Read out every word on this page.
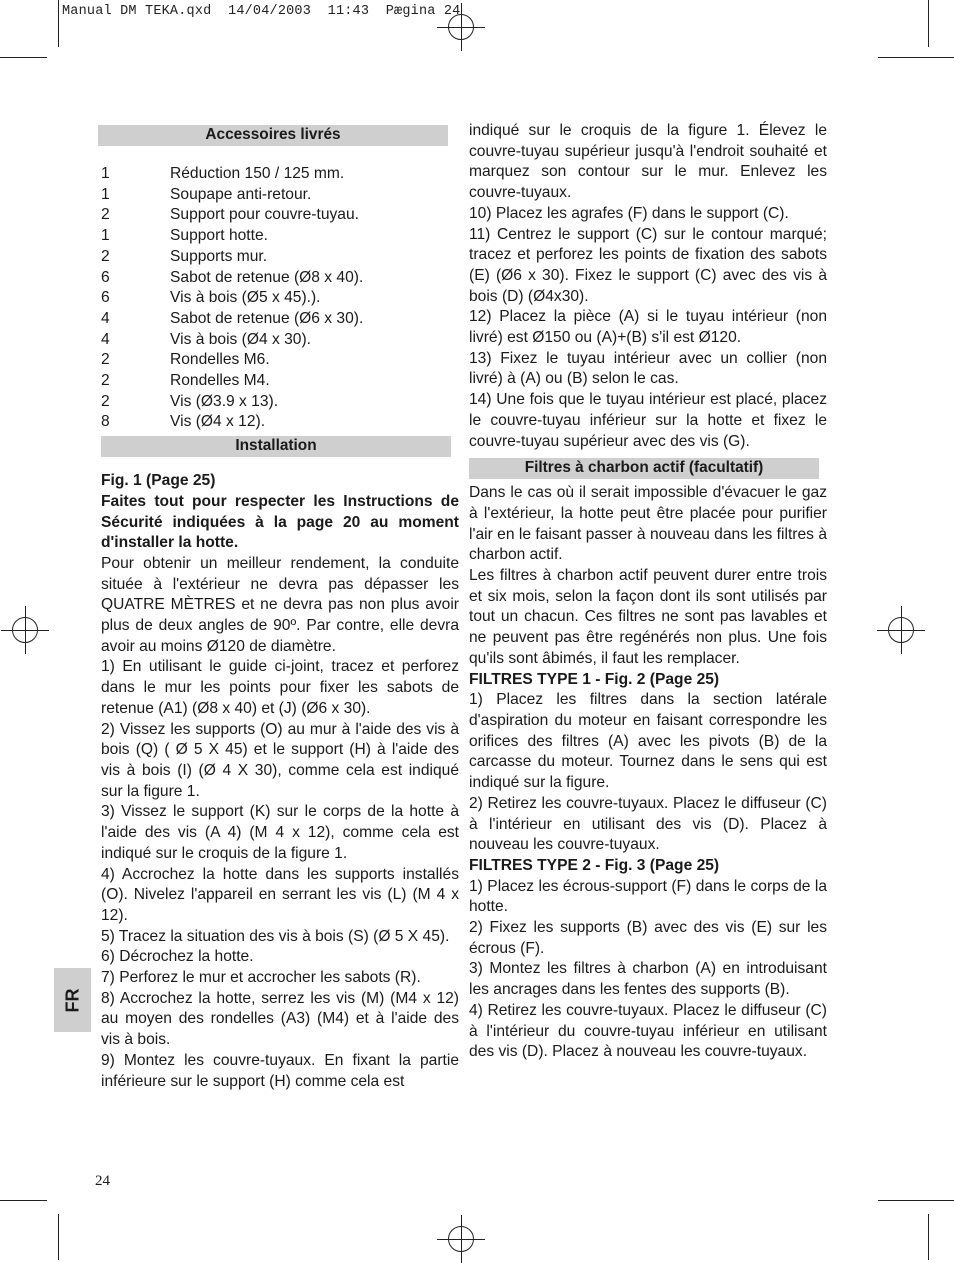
Manual DM TEKA.qxd  14/04/2003  11:43  Pægina 24
Accessoires livrés
1	Réduction 150 / 125 mm.
1	Soupape anti-retour.
2	Support pour couvre-tuyau.
1	Support hotte.
2	Supports mur.
6	Sabot de retenue (Ø8 x 40).
6	Vis à bois (Ø5 x 45).).
4	Sabot de retenue (Ø6 x 30).
4	Vis à bois (Ø4 x 30).
2	Rondelles M6.
2	Rondelles M4.
2	Vis (Ø3.9 x 13).
8	Vis (Ø4 x 12).
Installation

Fig. 1 (Page 25)

Faites tout pour respecter les Instructions de Sécurité indiquées à la page 20 au moment d'installer la hotte.

Pour obtenir un meilleur rendement, la conduite située à l'extérieur ne devra pas dépasser les QUATRE MÈTRES et ne devra pas non plus avoir plus de deux angles de 90º. Par contre, elle devra avoir au moins Ø120 de diamètre.

1) En utilisant le guide ci-joint, tracez et perforez dans le mur les points pour fixer les sabots de retenue (A1) (Ø8 x 40) et (J) (Ø6 x 30).

2) Vissez les supports (O) au mur à l'aide des vis à bois (Q) ( Ø 5 X 45) et le support (H) à l'aide des vis à bois (I) (Ø 4 X 30), comme cela est indiqué sur la figure 1.

3) Vissez le support (K) sur le corps de la hotte à l'aide des vis (A 4) (M 4 x 12), comme cela est indiqué sur le croquis de la figure 1.

4) Accrochez la hotte dans les supports installés (O). Nivelez l'appareil en serrant les vis (L) (M 4 x 12).

5) Tracez la situation des vis à bois (S) (Ø 5 X 45).

6) Décrochez la hotte.

7) Perforez le mur et accrocher les sabots (R).

8) Accrochez la hotte, serrez les vis (M) (M4 x 12) au moyen des rondelles (A3) (M4) et à l'aide des vis à bois.

9) Montez les couvre-tuyaux. En fixant la partie inférieure sur le support (H) comme cela est

indiqué sur le croquis de la figure 1. Élevez le couvre-tuyau supérieur jusqu'à l'endroit souhaité et marquez son contour sur le mur. Enlevez les couvre-tuyaux.

10) Placez les agrafes (F) dans le support (C).

11) Centrez le support (C) sur le contour marqué; tracez et perforez les points de fixation des sabots (E) (Ø6 x 30). Fixez le support (C) avec des vis à bois (D) (Ø4x30).

12) Placez la pièce (A) si le tuyau intérieur (non livré) est Ø150 ou (A)+(B) s'il est Ø120.

13) Fixez le tuyau intérieur avec un collier (non livré) à (A) ou (B) selon le cas.

14) Une fois que le tuyau intérieur est placé, placez le couvre-tuyau inférieur sur la hotte et fixez le couvre-tuyau supérieur avec des vis (G).

Filtres à charbon actif (facultatif)

Dans le cas où il serait impossible d'évacuer le gaz à l'extérieur, la hotte peut être placée pour purifier l'air en le faisant passer à nouveau dans les filtres à charbon actif.

Les filtres à charbon actif peuvent durer entre trois et six mois, selon la façon dont ils sont utilisés par tout un chacun. Ces filtres ne sont pas lavables et ne peuvent pas être regénérés non plus. Une fois qu'ils sont âbimés, il faut les remplacer.

FILTRES TYPE 1 - Fig. 2 (Page 25)

1) Placez les filtres dans la section latérale d'aspiration du moteur en faisant correspondre les orifices des filtres (A) avec les pivots (B) de la carcasse du moteur. Tournez dans le sens qui est indiqué sur la figure.

2) Retirez les couvre-tuyaux. Placez le diffuseur (C) à l'intérieur en utilisant des vis (D). Placez à nouveau les couvre-tuyaux.

FILTRES TYPE 2 - Fig. 3 (Page 25)

1) Placez les écrous-support (F) dans le corps de la hotte.

2) Fixez les supports (B) avec des vis (E) sur les écrous (F).

3) Montez les filtres à charbon (A) en introduisant les ancrages dans les fentes des supports (B).

4) Retirez les couvre-tuyaux. Placez le diffuseur (C) à l'intérieur du couvre-tuyau inférieur en utilisant des vis (D). Placez à nouveau les couvre-tuyaux.

FR
24
